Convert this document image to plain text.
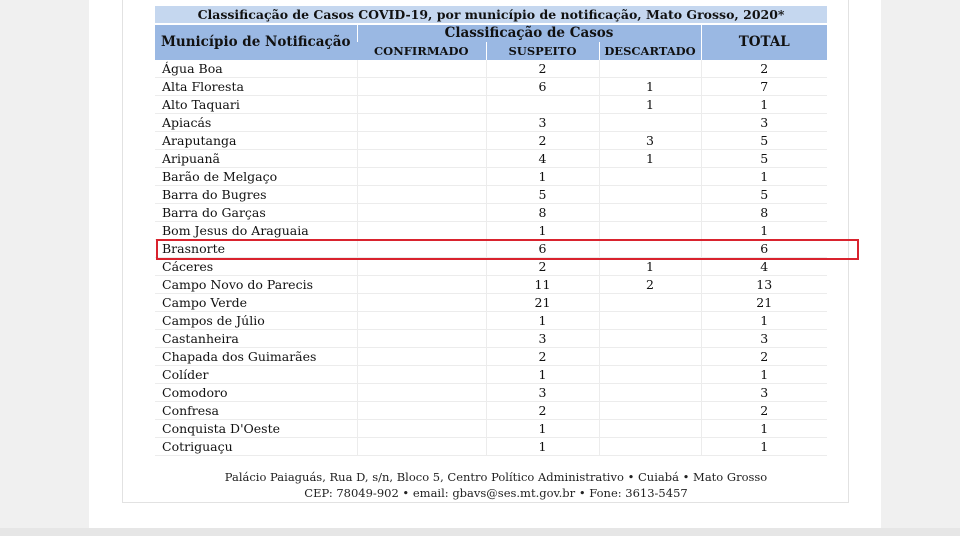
Classificação de Casos COVID-19, por município de notificação, Mato Grosso, 2020*				
Município de Notificação	Classificação de Casos			TOTAL
	CONFIRMADO	SUSPEITO	DESCARTADO	
Água Boa		2		2
Alta Floresta		6	1	7
Alto Taquari			1	1
Apiacás		3		3
Araputanga		2	3	5
Aripuanã		4	1	5
Barão de Melgaço		1		1
Barra do Bugres		5		5
Barra do Garças		8		8
Bom Jesus do Araguaia		1		1
Brasnorte		6		6
Cáceres		2	1	4
Campo Novo do Parecis		11	2	13
Campo Verde		21		21
Campos de Júlio		1		1
Castanheira		3		3
Chapada dos Guimarães		2		2
Colíder		1		1
Comodoro		3		3
Confresa		2		2
Conquista D'Oeste		1		1
Cotriguaçu		1		1
Palácio Paiaguás, Rua D, s/n, Bloco 5, Centro Político Administrativo • Cuiabá • Mato Grosso
CEP: 78049-902 • email: gbavs@ses.mt.gov.br • Fone: 3613-5457
